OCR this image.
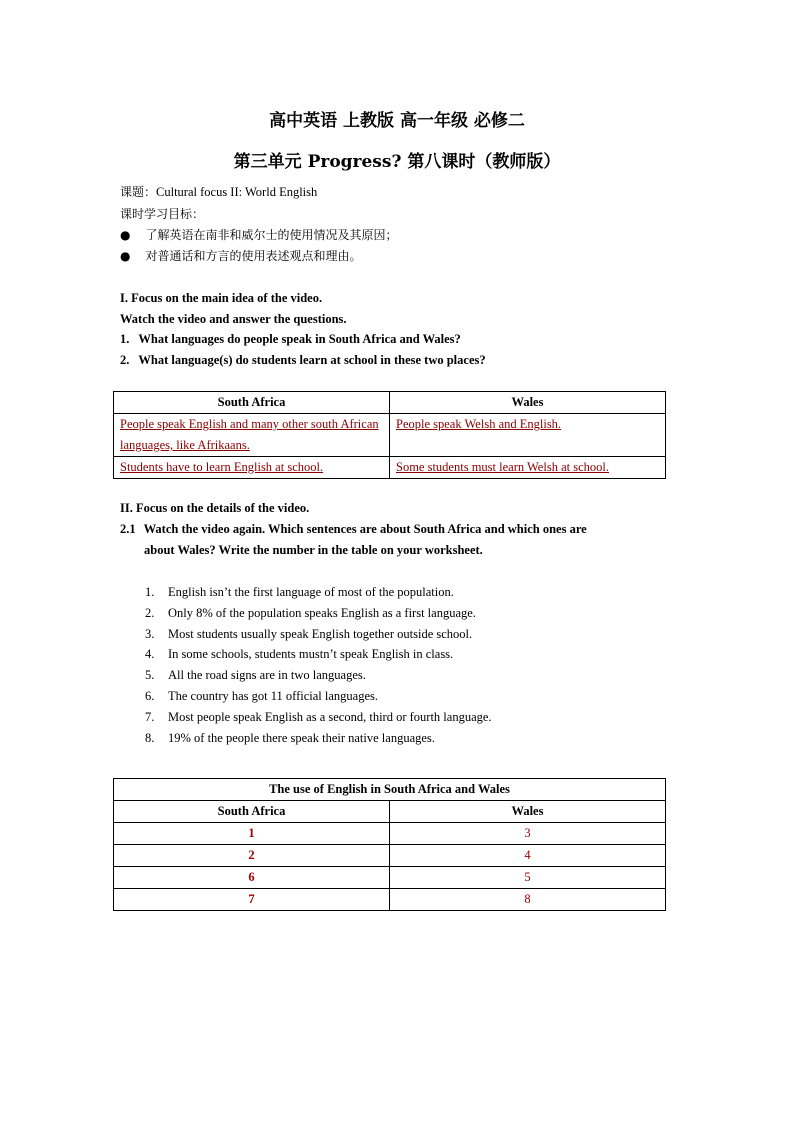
高中英语 上教版 高一年级 必修二
第三单元 Progress? 第八课时（教师版）
课题：Cultural focus II: World English
课时学习目标：
● 了解英语在南非和威尔士的使用情况及其原因；
● 对普通话和方言的使用表述观点和理由。
I. Focus on the main idea of the video.
Watch the video and answer the questions.
1. What languages do people speak in South Africa and Wales?
2. What language(s) do students learn at school in these two places?
South Africa	Wales
People speak English and many other south African languages, like Afrikaans.	People speak Welsh and English.
Students have to learn English at school.	Some students must learn Welsh at school.
II. Focus on the details of the video.
2.1 Watch the video again. Which sentences are about South Africa and which ones are
about Wales? Write the number in the table on your worksheet.
1. English isn’t the first language of most of the population.
2. Only 8% of the population speaks English as a first language.
3. Most students usually speak English together outside school.
4. In some schools, students mustn’t speak English in class.
5. All the road signs are in two languages.
6. The country has got 11 official languages.
7. Most people speak English as a second, third or fourth language.
8. 19% of the people there speak their native languages.
The use of English in South Africa and Wales	
South Africa	Wales
1	3
2	4
6	5
7	8
